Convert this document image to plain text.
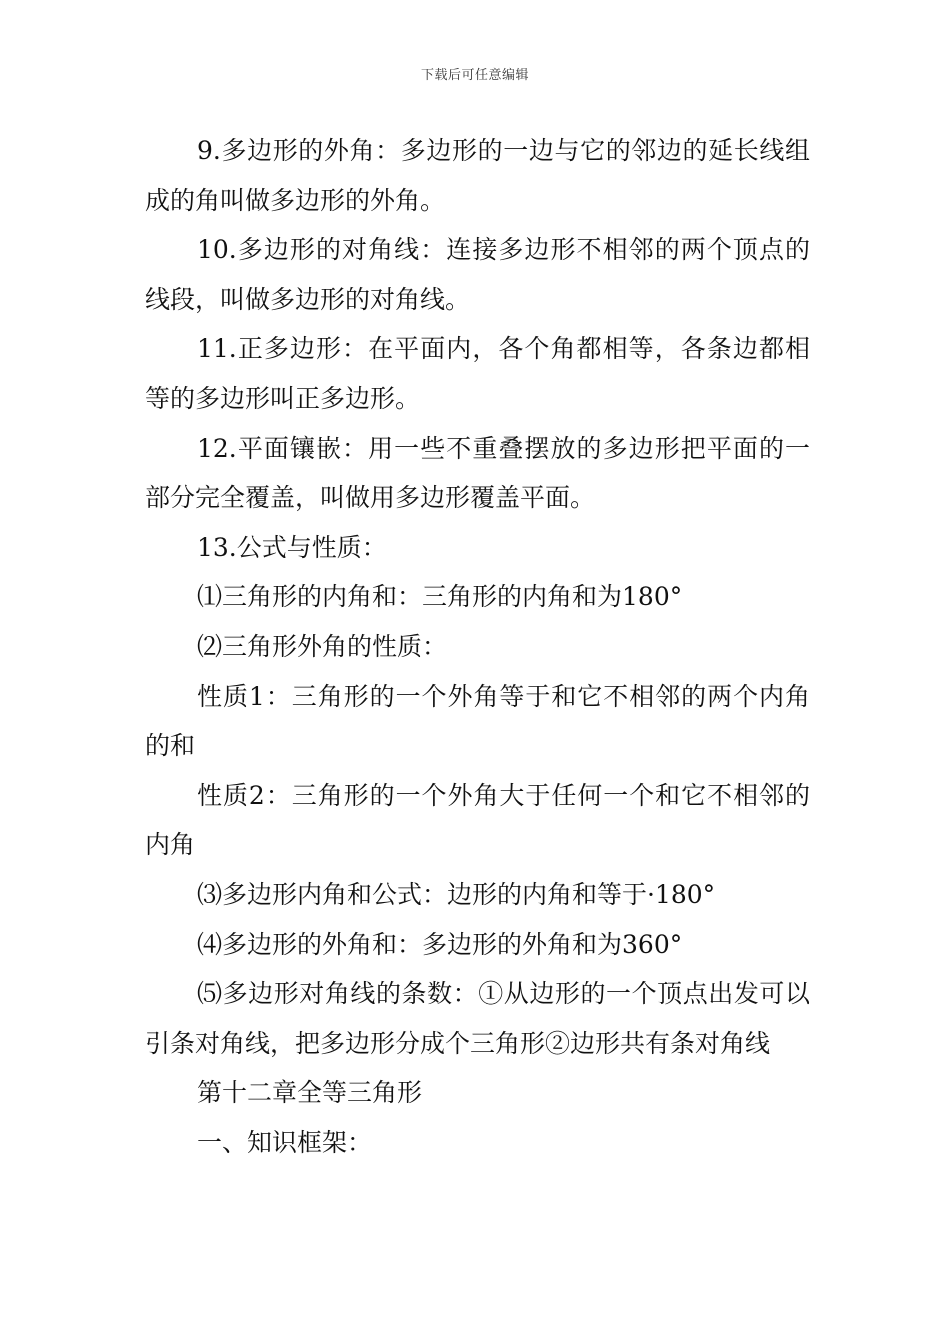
下载后可任意编辑

9.多边形的外角：多边形的一边与它的邻边的延长线组成的角叫做多边形的外角。

10.多边形的对角线：连接多边形不相邻的两个顶点的线段，叫做多边形的对角线。

11.正多边形：在平面内，各个角都相等，各条边都相等的多边形叫正多边形。

12.平面镶嵌：用一些不重叠摆放的多边形把平面的一部分完全覆盖，叫做用多边形覆盖平面。

13.公式与性质：

⑴三角形的内角和：三角形的内角和为180°

⑵三角形外角的性质：

性质1：三角形的一个外角等于和它不相邻的两个内角的和

性质2：三角形的一个外角大于任何一个和它不相邻的内角

⑶多边形内角和公式：边形的内角和等于·180°

⑷多边形的外角和：多边形的外角和为360°

⑸多边形对角线的条数：①从边形的一个顶点出发可以引条对角线，把多边形分成个三角形②边形共有条对角线

第十二章全等三角形

一、知识框架：
